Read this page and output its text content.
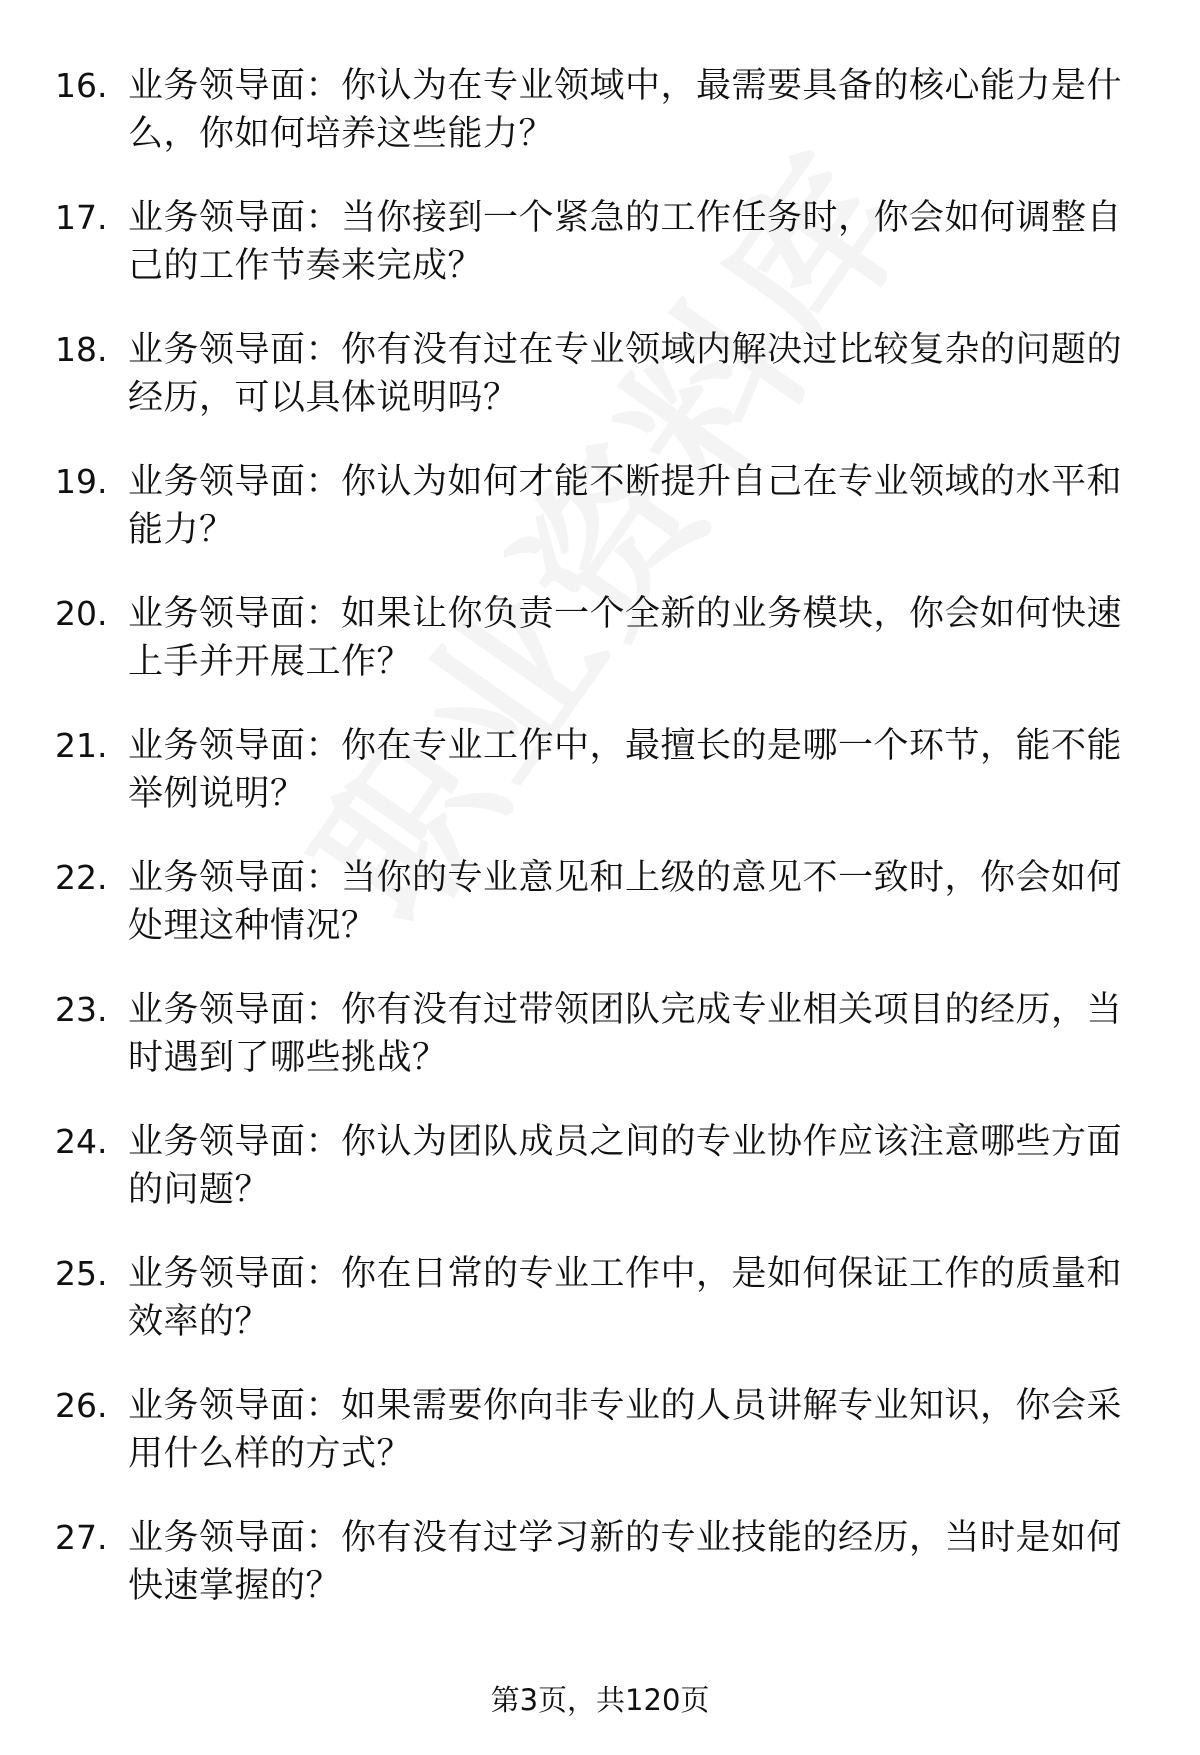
16. 业务领导面：你认为在专业领域中，最需要具备的核心能力是什么，你如何培养这些能力？
17. 业务领导面：当你接到一个紧急的工作任务时，你会如何调整自己的工作节奏来完成？
18. 业务领导面：你有没有过在专业领域内解决过比较复杂的问题的经历，可以具体说明吗？
19. 业务领导面：你认为如何才能不断提升自己在专业领域的水平和能力？
20. 业务领导面：如果让你负责一个全新的业务模块，你会如何快速上手并开展工作？
21. 业务领导面：你在专业工作中，最擅长的是哪一个环节，能不能举例说明？
22. 业务领导面：当你的专业意见和上级的意见不一致时，你会如何处理这种情况？
23. 业务领导面：你有没有过带领团队完成专业相关项目的经历，当时遇到了哪些挑战？
24. 业务领导面：你认为团队成员之间的专业协作应该注意哪些方面的问题？
25. 业务领导面：你在日常的专业工作中，是如何保证工作的质量和效率的？
26. 业务领导面：如果需要你向非专业的人员讲解专业知识，你会采用什么样的方式？
27. 业务领导面：你有没有过学习新的专业技能的经历，当时是如何快速掌握的？
第3页，共120页
